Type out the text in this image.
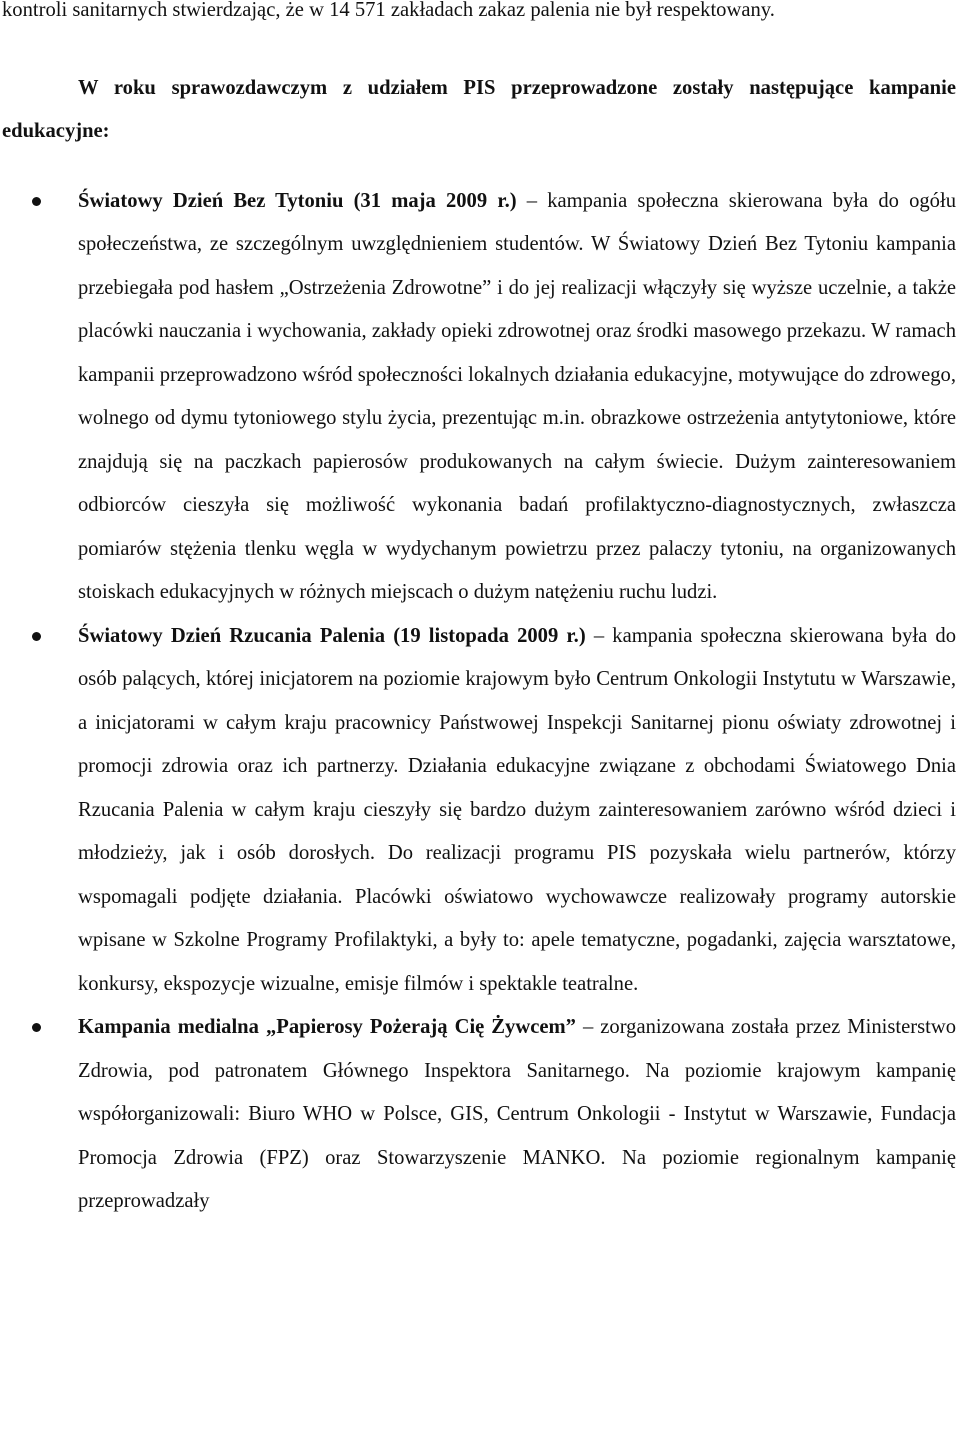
kontroli sanitarnych stwierdzając, że w 14 571 zakładach zakaz palenia nie był respektowany.

W roku sprawozdawczym z udziałem PIS przeprowadzone zostały następujące kampanie edukacyjne:

Światowy Dzień Bez Tytoniu (31 maja 2009 r.) – kampania społeczna skierowana była do ogółu społeczeństwa, ze szczególnym uwzględnieniem studentów. W Światowy Dzień Bez Tytoniu kampania przebiegała pod hasłem „Ostrzeżenia Zdrowotne” i do jej realizacji włączyły się wyższe uczelnie, a także placówki nauczania i wychowania, zakłady opieki zdrowotnej oraz środki masowego przekazu. W ramach kampanii przeprowadzono wśród społeczności lokalnych działania edukacyjne, motywujące do zdrowego, wolnego od dymu tytoniowego stylu życia, prezentując m.in. obrazkowe ostrzeżenia antytytoniowe, które znajdują się na paczkach papierosów produkowanych na całym świecie. Dużym zainteresowaniem odbiorców cieszyła się możliwość wykonania badań profilaktyczno-diagnostycznych, zwłaszcza pomiarów stężenia tlenku węgla w wydychanym powietrzu przez palaczy tytoniu, na organizowanych stoiskach edukacyjnych w różnych miejscach o dużym natężeniu ruchu ludzi.
Światowy Dzień Rzucania Palenia (19 listopada 2009 r.) – kampania społeczna skierowana była do osób palących, której inicjatorem na poziomie krajowym było Centrum Onkologii Instytutu w Warszawie, a inicjatorami w całym kraju pracownicy Państwowej Inspekcji Sanitarnej pionu oświaty zdrowotnej i promocji zdrowia oraz ich partnerzy. Działania edukacyjne związane z obchodami Światowego Dnia Rzucania Palenia w całym kraju cieszyły się bardzo dużym zainteresowaniem zarówno wśród dzieci i młodzieży, jak i osób dorosłych. Do realizacji programu PIS pozyskała wielu partnerów, którzy wspomagali podjęte działania. Placówki oświatowo wychowawcze realizowały programy autorskie wpisane w Szkolne Programy Profilaktyki, a były to: apele tematyczne, pogadanki, zajęcia warsztatowe, konkursy, ekspozycje wizualne, emisje filmów i spektakle teatralne.
Kampania medialna „Papierosy Pożerają Cię Żywcem” – zorganizowana została przez Ministerstwo Zdrowia, pod patronatem Głównego Inspektora Sanitarnego. Na poziomie krajowym kampanię współorganizowali: Biuro WHO w Polsce, GIS, Centrum Onkologii - Instytut w Warszawie, Fundacja Promocja Zdrowia (FPZ) oraz Stowarzyszenie MANKO. Na poziomie regionalnym kampanię przeprowadzały
